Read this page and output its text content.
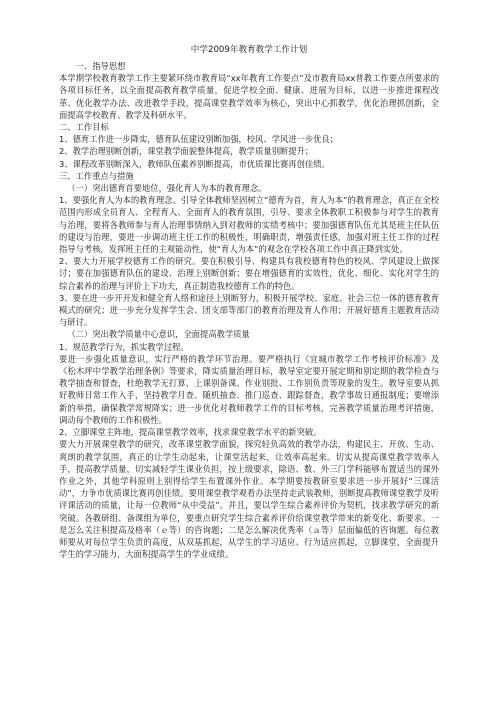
中学2009年教育教学工作计划

一、指导思想

本学期学校教育教学工作主要紧环绕市教育局“xx年教育工作要点”及市教育局xx普教工作要点所要求的各项目标任务，以全面提高教育教学质量，促进学校全面、健康、进展为目标，以进一步推进课程改革、优化教学办法、改进教学手段，提高课堂教学效率为核心，突出中心抓教学，优化治理抓创新，全面提高学校教育、教学及科研水平。

二、工作目标

1、德育工作进一步降实，德育队伍建设别断加强，校风、学风进一步优良；

2、教学治理别断创新，课堂教学面貌整体提高，教学质量别断提升；

3、课程改革别断深入，教师队伍素养别断提高，市优质课比赛再创佳绩。

三、工作重点与措施

（一）突出德育首要地位，强化育人为本的教育理念。

1、要强化育人为本的教育理念。引导全体教师坚固树立“德育为首，育人为本”的教育理念，真正在全校范围内形成全员育人、全程育人、全面育人的教育氛围，引导、要求全体教职工积极参与对学生的教育与治理，要将各教师参与育人治理事情纳入到对教师的实绩考核中；要加强德育队伍尤其是班主任队伍的建设与治理，要进一步调动班主任工作的积极性，明确职责，增强责任感，加强对班主任工作的过程指导与考核，发挥班主任的主观能动性，使“育人为本”的观念在学校各项工作中真正降到实处。

2、要大力开展学校德育工作的研究。要在积极引导、构建具有我校德育特色的校风、学风建设上做探讨；要在加强德育队伍的建设、治理上别断创新；要在增强德育的实效性，优化、细化、实化对学生的综合素养的治理与评价上下功夫，真正制造我校德育工作的特色。

3、要在进一步开开发和健全育人络和途径上别断努力，积极开展学校、家庭、社会三位一体的德育教育模式的研究；进一步充分发挥学生会、团支部等部门的教育治理及育人作用；开展好德育主题教育活动与研讨。

（二）突出教学质量中心意识，全面提高教学质量

1、规范教学行为，抓实教学过程。

要进一步强化质量意识，实行严格的教学环节治理。要严格执行《宜城市教学工作考核评价标准》及《松木坪中学教学治理条例》等要求，降实质量治理目标，教导室定要开展定期和别定期的教学检查与教学抽查和督查，杜绝教学无打算、上课别备课、作业别批、工作别负责等现象的发生。教导室要从抓好教师日常工作入手，坚持教学月查、随机抽查、推门巡查、跟踪督查，教学事故日通报制度；要增添新的举措，确保教学常规降实；进一步优化对教师教学工作的目标考核，完善教学质量治理考评措施，调动每个教师的工作积极性。

2、立脚课堂主阵地，提高课堂教学效率，找求课堂教学水平的新突破。

要大力开展课堂教学的研究，改革课堂教学面貌，探究轻负高效的教学办法，构建民主、开放、生动、爽朗的教学氛围，真正的让学生动起来，让课堂活起来，让效率高起来。切实从提高课堂教学效率入手，提高教学质量，切实减轻学生课业负担，按上级要求，除语、数、外三门学科能够布置适当的课外作业之外，其他学科原则上别得给学生布置课外作业。本学期要按教研室要求进一步开展好“三课活动”，力争市优质课比赛再创佳绩。要用课堂教学观看办法坚持走武装教师，别断提高教师课堂教学及听评课活动的质量，让每一位教师“从中受益”。并且，要以学生综合素养评价为契机，找求教学研究的新突破。各教研组、备课组为单位，要重点研究学生综合素养评价给课堂教学带来的新变化、新要求。一是怎么关注积提高及格率（ｅ等）的咨询题；二是怎么解决优秀率（ａ等）层面偏低的咨询题。每位教师要从对每位学生负责的高度，从双基抓起，从学生的学习适应、行为适应抓起，立脚课堂，全面提升学生的学习能力，大面积提高学生的学业成绩。
